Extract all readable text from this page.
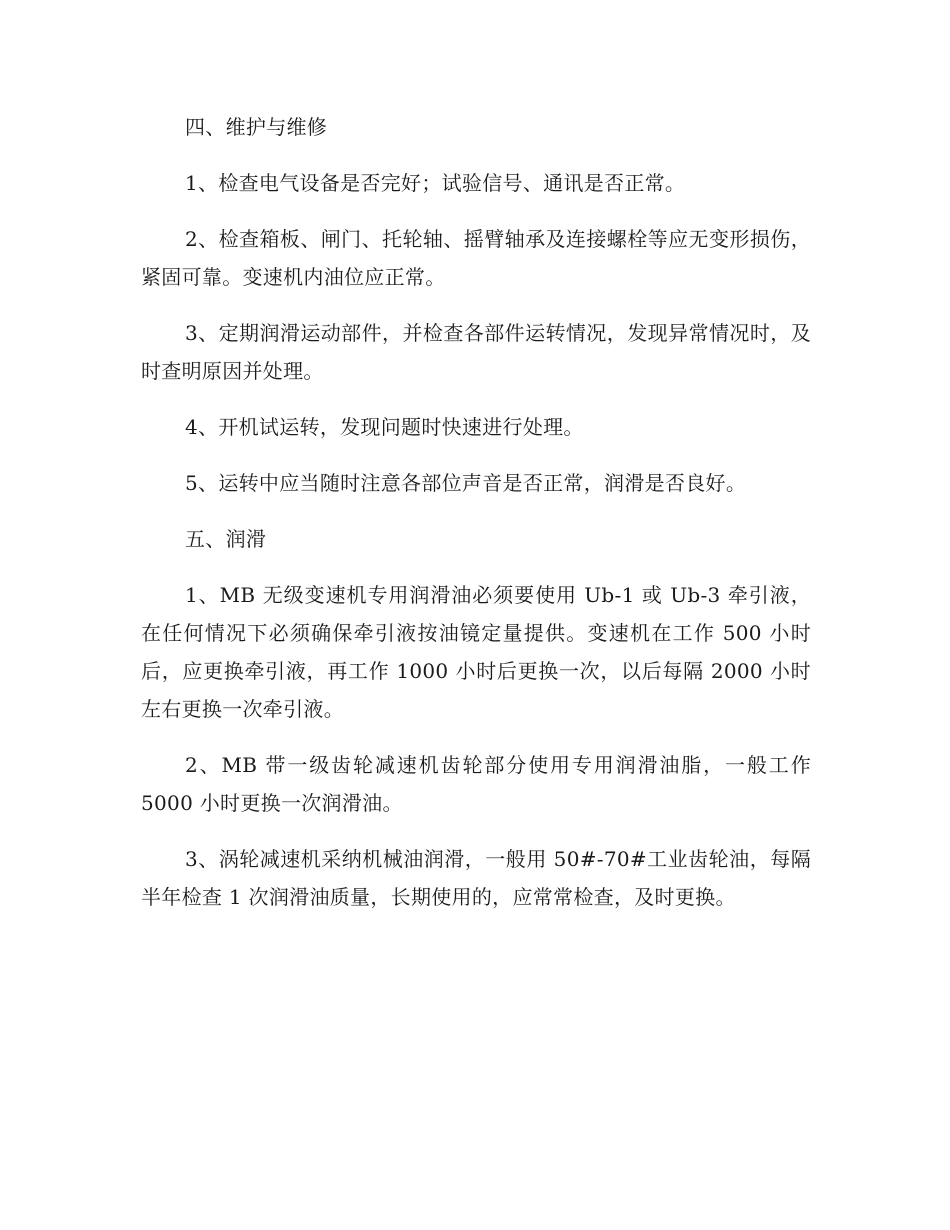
四、维护与维修

1、检查电气设备是否完好；试验信号、通讯是否正常。

2、检查箱板、闸门、托轮轴、摇臂轴承及连接螺栓等应无变形损伤，紧固可靠。变速机内油位应正常。

3、定期润滑运动部件，并检查各部件运转情况，发现异常情况时，及时查明原因并处理。

4、开机试运转，发现问题时快速进行处理。

5、运转中应当随时注意各部位声音是否正常，润滑是否良好。

五、润滑

1、MB 无级变速机专用润滑油必须要使用 Ub-1 或 Ub-3 牵引液，在任何情况下必须确保牵引液按油镜定量提供。变速机在工作 500 小时后，应更换牵引液，再工作 1000 小时后更换一次，以后每隔 2000 小时左右更换一次牵引液。

2、MB 带一级齿轮减速机齿轮部分使用专用润滑油脂，一般工作 5000 小时更换一次润滑油。

3、涡轮减速机采纳机械油润滑，一般用 50#-70#工业齿轮油，每隔半年检查 1 次润滑油质量，长期使用的，应常常检查，及时更换。
